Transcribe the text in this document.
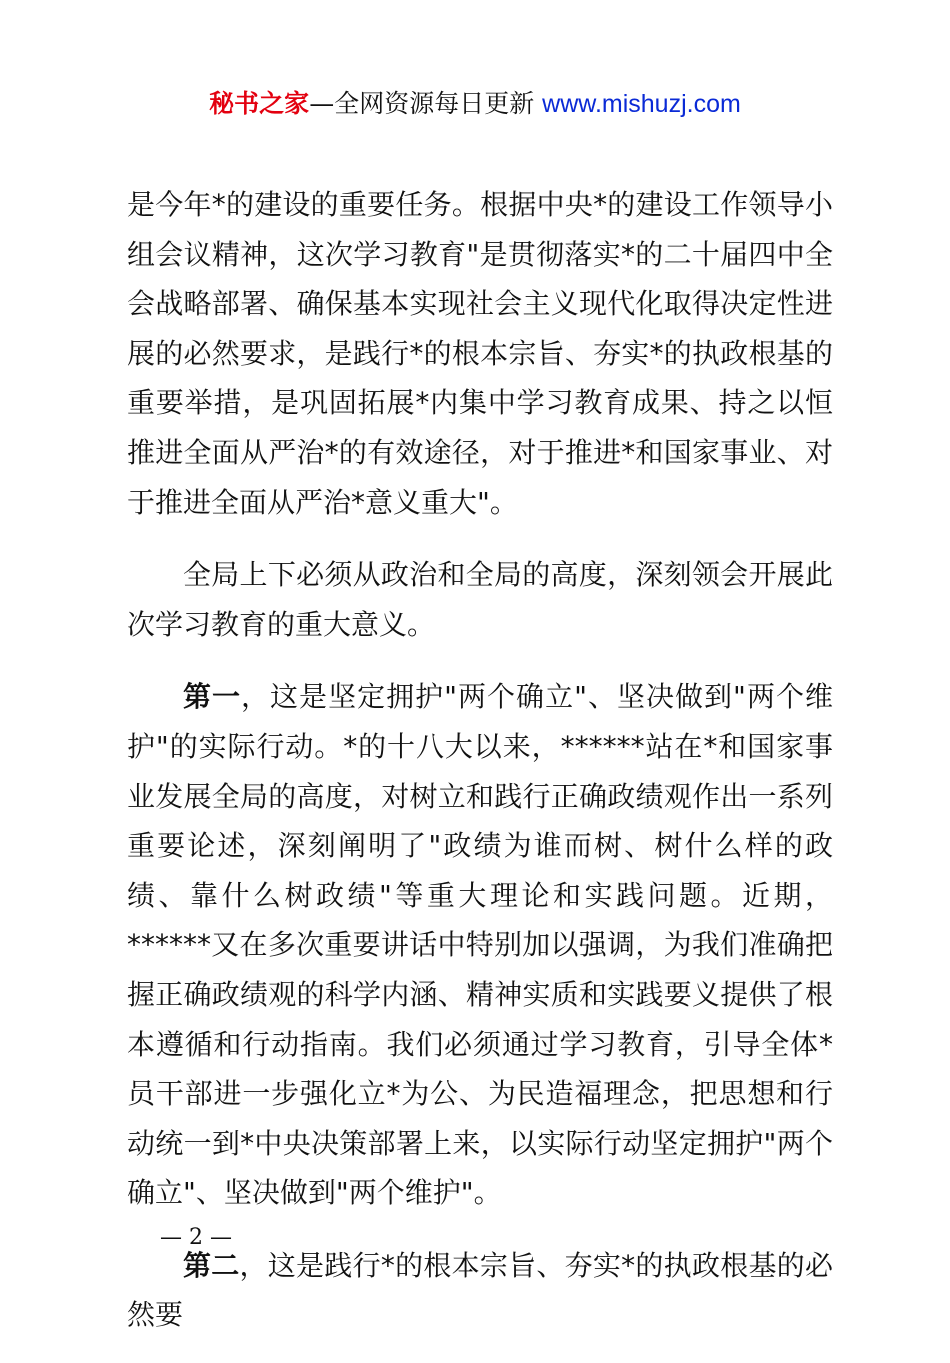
秘书之家—全网资源每日更新 www.mishuzj.com

是今年*的建设的重要任务。根据中央*的建设工作领导小组会议精神，这次学习教育"是贯彻落实*的二十届四中全会战略部署、确保基本实现社会主义现代化取得决定性进展的必然要求，是践行*的根本宗旨、夯实*的执政根基的重要举措，是巩固拓展*内集中学习教育成果、持之以恒推进全面从严治*的有效途径，对于推进*和国家事业、对于推进全面从严治*意义重大"。

全局上下必须从政治和全局的高度，深刻领会开展此次学习教育的重大意义。

第一，这是坚定拥护"两个确立"、坚决做到"两个维护"的实际行动。*的十八大以来，******站在*和国家事业发展全局的高度，对树立和践行正确政绩观作出一系列重要论述，深刻阐明了"政绩为谁而树、树什么样的政绩、靠什么树政绩"等重大理论和实践问题。近期，******又在多次重要讲话中特别加以强调，为我们准确把握正确政绩观的科学内涵、精神实质和实践要义提供了根本遵循和行动指南。我们必须通过学习教育，引导全体*员干部进一步强化立*为公、为民造福理念，把思想和行动统一到*中央决策部署上来，以实际行动坚定拥护"两个确立"、坚决做到"两个维护"。

第二，这是践行*的根本宗旨、夯实*的执政根基的必然要

— 2 —
